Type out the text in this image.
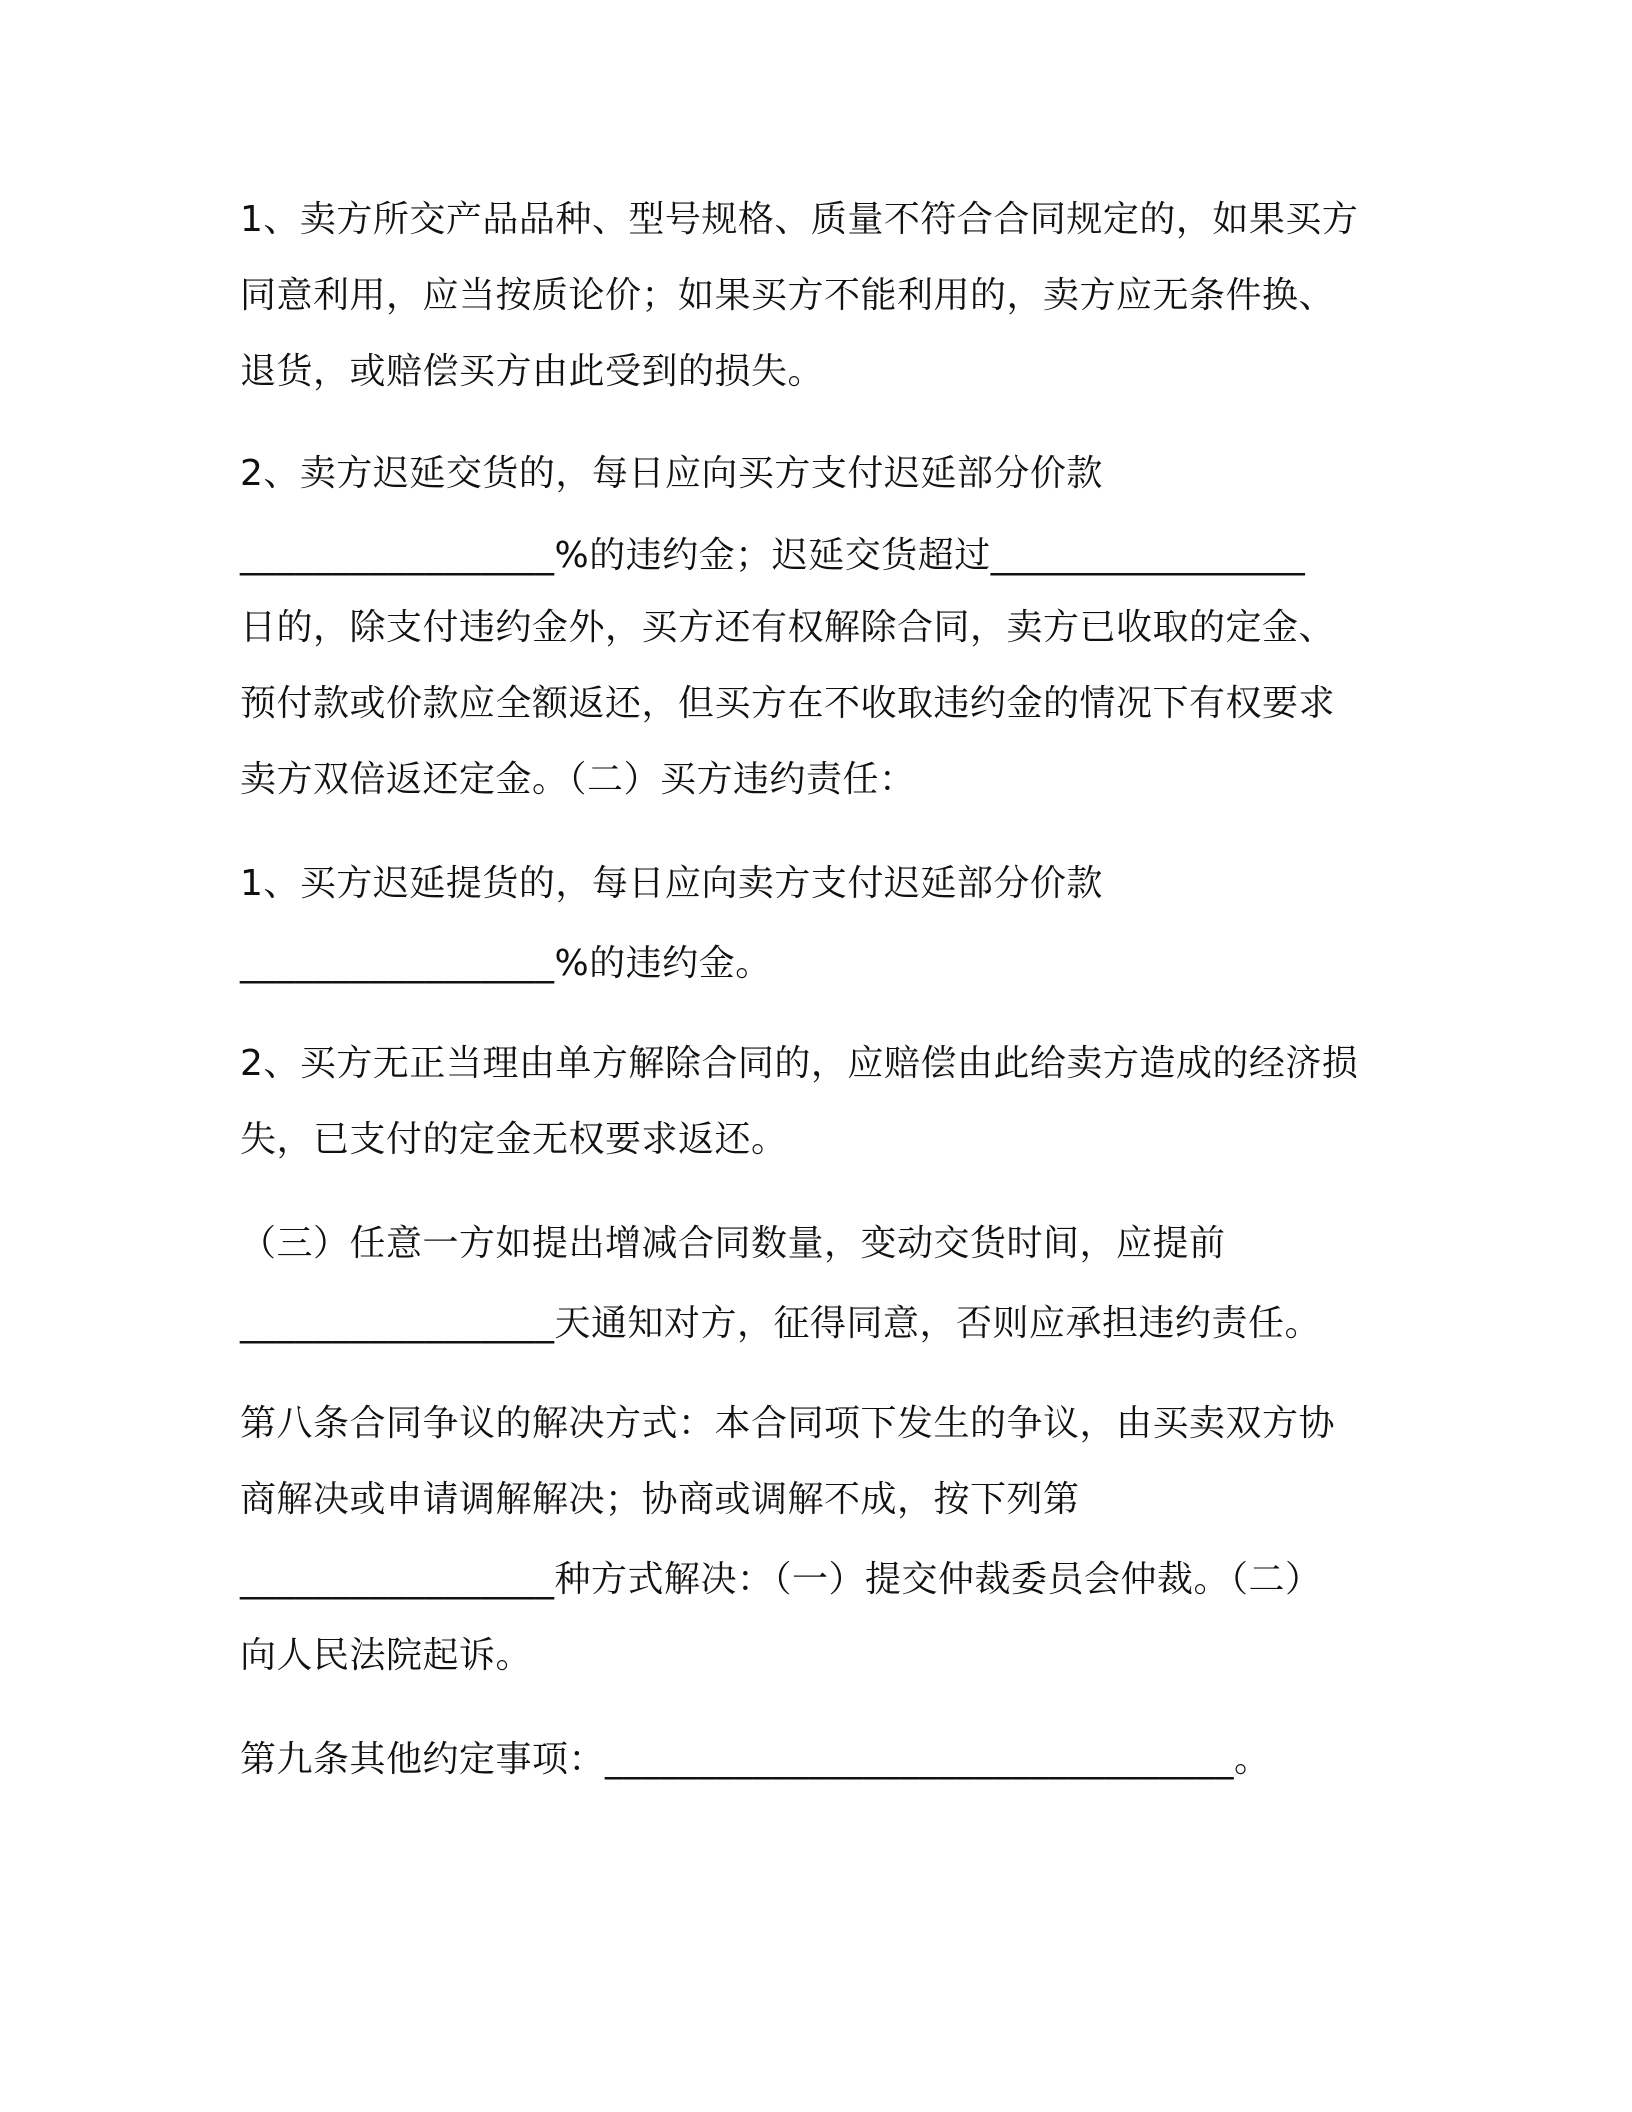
1、卖方所交产品品种、型号规格、质量不符合合同规定的，如果买方
同意利用，应当按质论价；如果买方不能利用的，卖方应无条件换、
退货，或赔偿买方由此受到的损失。
2、卖方迟延交货的，每日应向买方支付迟延部分价款
_________________%的违约金；迟延交货超过_________________
日的，除支付违约金外，买方还有权解除合同，卖方已收取的定金、
预付款或价款应全额返还，但买方在不收取违约金的情况下有权要求
卖方双倍返还定金。（二）买方违约责任：
1、买方迟延提货的，每日应向卖方支付迟延部分价款
_________________%的违约金。
2、买方无正当理由单方解除合同的，应赔偿由此给卖方造成的经济损
失，已支付的定金无权要求返还。
（三）任意一方如提出增减合同数量，变动交货时间，应提前
_________________天通知对方，征得同意，否则应承担违约责任。
第八条合同争议的解决方式：本合同项下发生的争议，由买卖双方协
商解决或申请调解解决；协商或调解不成，按下列第
_________________种方式解决：（一）提交仲裁委员会仲裁。（二）
向人民法院起诉。
第九条其他约定事项：__________________________________。
